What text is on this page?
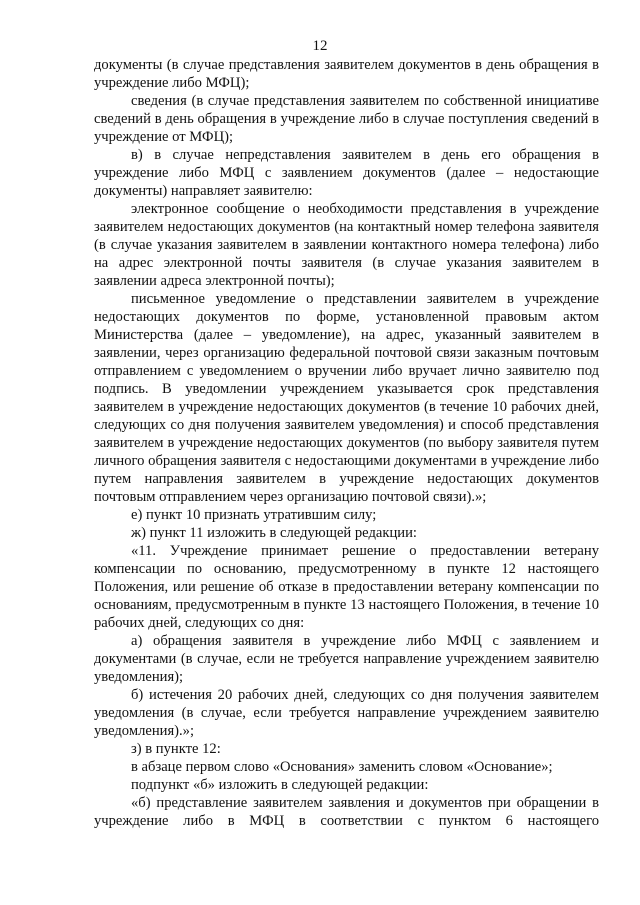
12

документы (в случае представления заявителем документов в день обращения в учреждение либо МФЦ);

сведения (в случае представления заявителем по собственной инициативе сведений в день обращения в учреждение либо в случае поступления сведений в учреждение от МФЦ);

в) в случае непредставления заявителем в день его обращения в учреждение либо МФЦ с заявлением документов (далее – недостающие документы) направляет заявителю:

электронное сообщение о необходимости представления в учреждение заявителем недостающих документов (на контактный номер телефона заявителя (в случае указания заявителем в заявлении контактного номера телефона) либо на адрес электронной почты заявителя (в случае указания заявителем в заявлении адреса электронной почты);

письменное уведомление о представлении заявителем в учреждение недостающих документов по форме, установленной правовым актом Министерства (далее – уведомление), на адрес, указанный заявителем в заявлении, через организацию федеральной почтовой связи заказным почтовым отправлением с уведомлением о вручении либо вручает лично заявителю под подпись. В уведомлении учреждением указывается срок представления заявителем в учреждение недостающих документов (в течение 10 рабочих дней, следующих со дня получения заявителем уведомления) и способ представления заявителем в учреждение недостающих документов (по выбору заявителя путем личного обращения заявителя с недостающими документами в учреждение либо путем направления заявителем в учреждение недостающих документов почтовым отправлением через организацию почтовой связи).»;

е) пункт 10 признать утратившим силу;

ж) пункт 11 изложить в следующей редакции:

«11. Учреждение принимает решение о предоставлении ветерану компенсации по основанию, предусмотренному в пункте 12 настоящего Положения, или решение об отказе в предоставлении ветерану компенсации по основаниям, предусмотренным в пункте 13 настоящего Положения, в течение 10 рабочих дней, следующих со дня:

а) обращения заявителя в учреждение либо МФЦ с заявлением и документами (в случае, если не требуется направление учреждением заявителю уведомления);

б) истечения 20 рабочих дней, следующих со дня получения заявителем уведомления (в случае, если требуется направление учреждением заявителю уведомления).»;

з) в пункте 12:

в абзаце первом слово «Основания» заменить словом «Основание»;

подпункт «б» изложить в следующей редакции:

«б) представление заявителем заявления и документов при обращении в учреждение либо в МФЦ в соответствии с пунктом 6 настоящего
